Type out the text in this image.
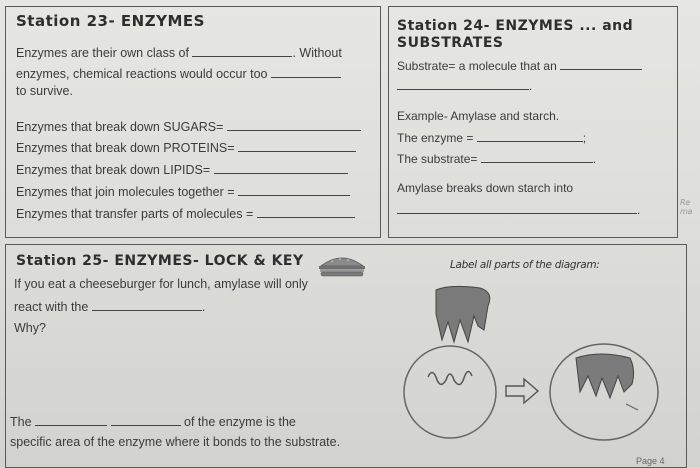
Station 23- ENZYMES
Enzymes are their own class of	. Without
enzymes, chemical reactions would occur too
to survive.
Enzymes that break down SUGARS=
Enzymes that break down PROTEINS=
Enzymes that break down LIPIDS=
Enzymes that join molecules together =
Enzymes that transfer parts of molecules =
Station 24- ENZYMES ... and
SUBSTRATES
Substrate= a molecule that an
.
Example- Amylase and starch.
The enzyme =	;
The substrate=	.
Amylase breaks down starch into
.
Re ma
Station 25- ENZYMES- LOCK & KEY	Label all parts of the diagram:
If you eat a cheeseburger for lunch, amylase will only
react with the	.
Why?
The	of the enzyme is the
specific area of the enzyme where it bonds to the substrate.
Page 4
